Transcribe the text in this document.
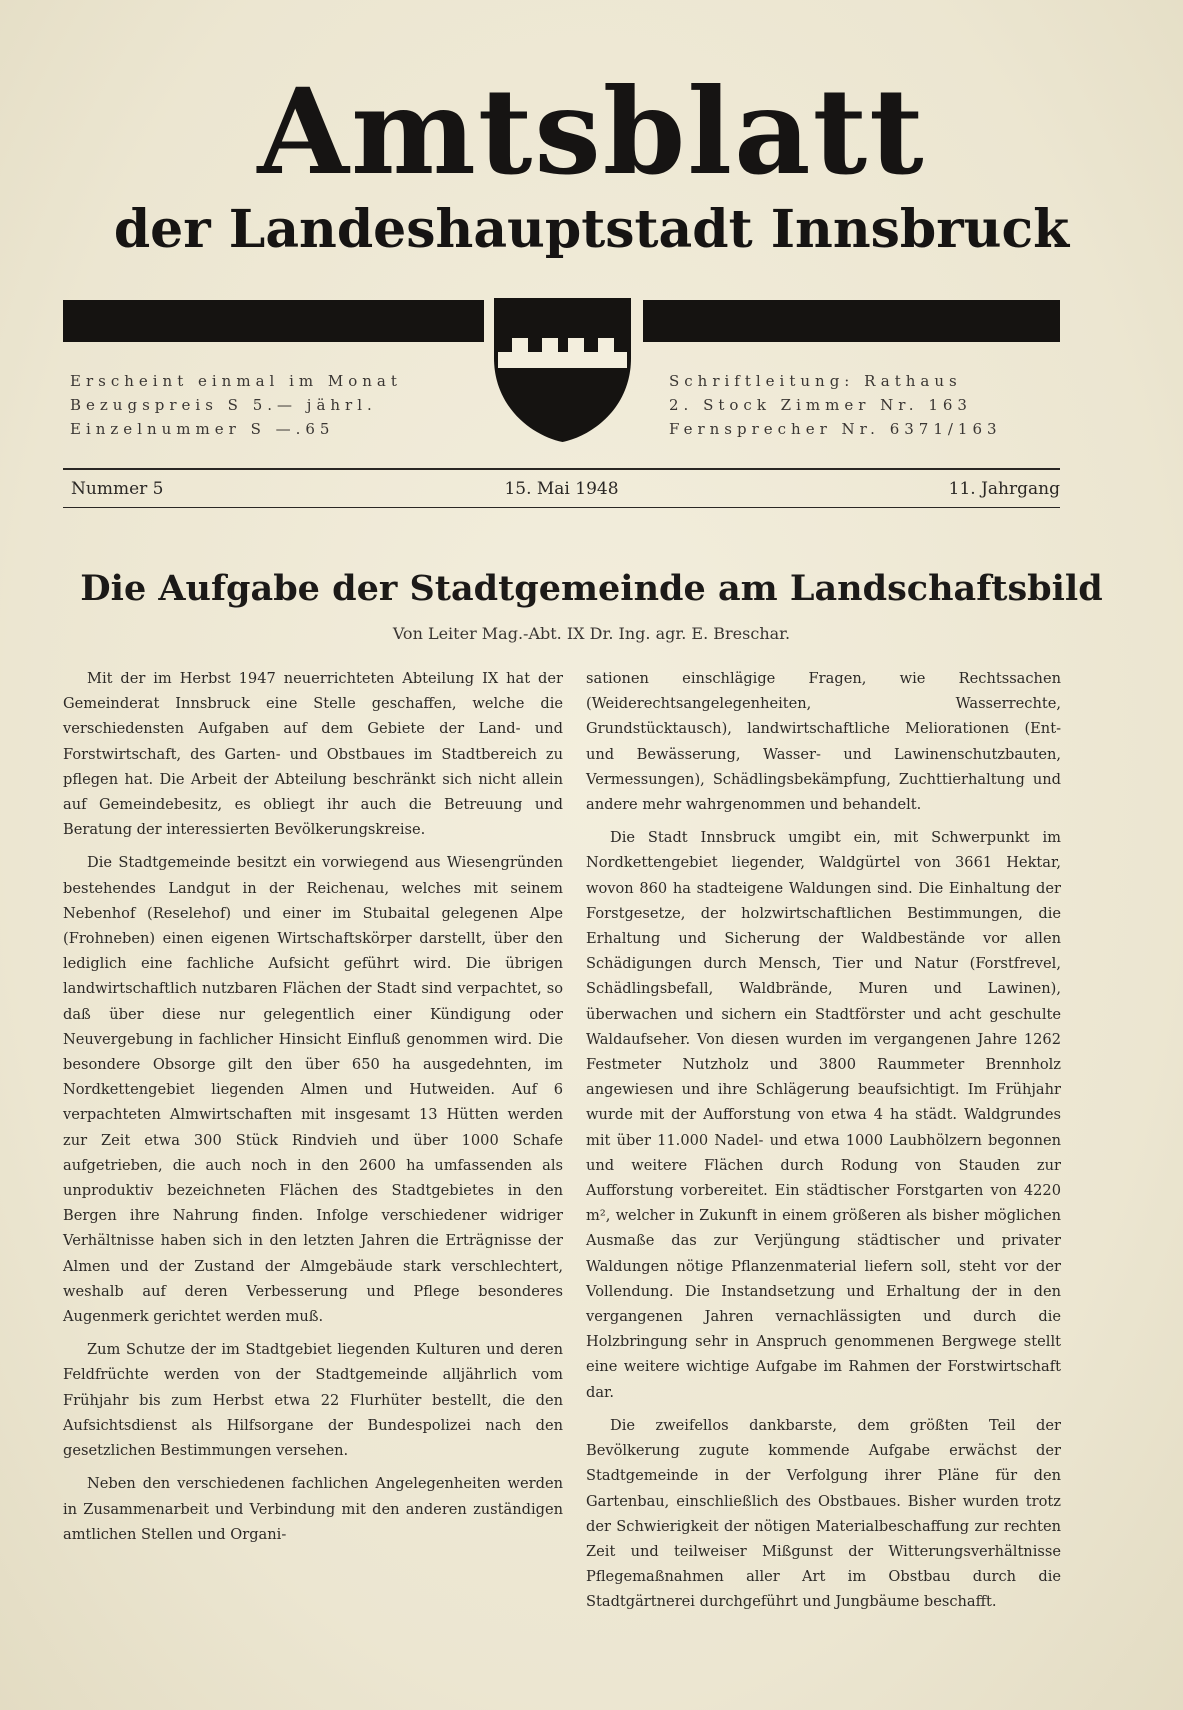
Amtsblatt
der Landeshauptstadt Innsbruck
Erscheint einmal im Monat
Bezugspreis S 5.— jährl.
Einzelnummer S —.65
Schriftleitung: Rathaus
2. Stock Zimmer Nr. 163
Fernsprecher Nr. 6371/163
Nummer 5	15. Mai 1948	11. Jahrgang
Die Aufgabe der Stadtgemeinde am Landschaftsbild
Von Leiter Mag.-Abt. IX Dr. Ing. agr. E. Breschar.

Mit der im Herbst 1947 neuerrichteten Abteilung IX hat der Gemeinderat Innsbruck eine Stelle geschaffen, welche die verschiedensten Aufgaben auf dem Gebiete der Land- und Forstwirtschaft, des Garten- und Obstbaues im Stadtbereich zu pflegen hat. Die Arbeit der Abteilung beschränkt sich nicht allein auf Gemeindebesitz, es obliegt ihr auch die Betreuung und Beratung der interessierten Bevölkerungskreise.

Die Stadtgemeinde besitzt ein vorwiegend aus Wiesengründen bestehendes Landgut in der Reichenau, welches mit seinem Nebenhof (Reselehof) und einer im Stubaital gelegenen Alpe (Frohneben) einen eigenen Wirtschaftskörper darstellt, über den lediglich eine fachliche Aufsicht geführt wird. Die übrigen landwirtschaftlich nutzbaren Flächen der Stadt sind verpachtet, so daß über diese nur gelegentlich einer Kündigung oder Neuvergebung in fachlicher Hinsicht Einfluß genommen wird. Die besondere Obsorge gilt den über 650 ha ausgedehnten, im Nordkettengebiet liegenden Almen und Hutweiden. Auf 6 verpachteten Almwirtschaften mit insgesamt 13 Hütten werden zur Zeit etwa 300 Stück Rindvieh und über 1000 Schafe aufgetrieben, die auch noch in den 2600 ha umfassenden als unproduktiv bezeichneten Flächen des Stadtgebietes in den Bergen ihre Nahrung finden. Infolge verschiedener widriger Verhältnisse haben sich in den letzten Jahren die Erträgnisse der Almen und der Zustand der Almgebäude stark verschlechtert, weshalb auf deren Verbesserung und Pflege besonderes Augenmerk gerichtet werden muß.

Zum Schutze der im Stadtgebiet liegenden Kulturen und deren Feldfrüchte werden von der Stadtgemeinde alljährlich vom Frühjahr bis zum Herbst etwa 22 Flurhüter bestellt, die den Aufsichtsdienst als Hilfsorgane der Bundespolizei nach den gesetzlichen Bestimmungen versehen.

Neben den verschiedenen fachlichen Angelegenheiten werden in Zusammenarbeit und Verbindung mit den anderen zuständigen amtlichen Stellen und Organi-

sationen einschlägige Fragen, wie Rechtssachen (Weiderechtsangelegenheiten, Wasserrechte, Grundstücktausch), landwirtschaftliche Meliorationen (Ent- und Bewässerung, Wasser- und Lawinenschutzbauten, Vermessungen), Schädlingsbekämpfung, Zuchttierhaltung und andere mehr wahrgenommen und behandelt.

Die Stadt Innsbruck umgibt ein, mit Schwerpunkt im Nordkettengebiet liegender, Waldgürtel von 3661 Hektar, wovon 860 ha stadteigene Waldungen sind. Die Einhaltung der Forstgesetze, der holzwirtschaftlichen Bestimmungen, die Erhaltung und Sicherung der Waldbestände vor allen Schädigungen durch Mensch, Tier und Natur (Forstfrevel, Schädlingsbefall, Waldbrände, Muren und Lawinen), überwachen und sichern ein Stadtförster und acht geschulte Waldaufseher. Von diesen wurden im vergangenen Jahre 1262 Festmeter Nutzholz und 3800 Raummeter Brennholz angewiesen und ihre Schlägerung beaufsichtigt. Im Frühjahr wurde mit der Aufforstung von etwa 4 ha städt. Waldgrundes mit über 11.000 Nadel- und etwa 1000 Laubhölzern begonnen und weitere Flächen durch Rodung von Stauden zur Aufforstung vorbereitet. Ein städtischer Forstgarten von 4220 m², welcher in Zukunft in einem größeren als bisher möglichen Ausmaße das zur Verjüngung städtischer und privater Waldungen nötige Pflanzenmaterial liefern soll, steht vor der Vollendung. Die Instandsetzung und Erhaltung der in den vergangenen Jahren vernachlässigten und durch die Holzbringung sehr in Anspruch genommenen Bergwege stellt eine weitere wichtige Aufgabe im Rahmen der Forstwirtschaft dar.

Die zweifellos dankbarste, dem größten Teil der Bevölkerung zugute kommende Aufgabe erwächst der Stadtgemeinde in der Verfolgung ihrer Pläne für den Gartenbau, einschließlich des Obstbaues. Bisher wurden trotz der Schwierigkeit der nötigen Materialbeschaffung zur rechten Zeit und teilweiser Mißgunst der Witterungsverhältnisse Pflegemaßnahmen aller Art im Obstbau durch die Stadtgärtnerei durchgeführt und Jungbäume beschafft.
